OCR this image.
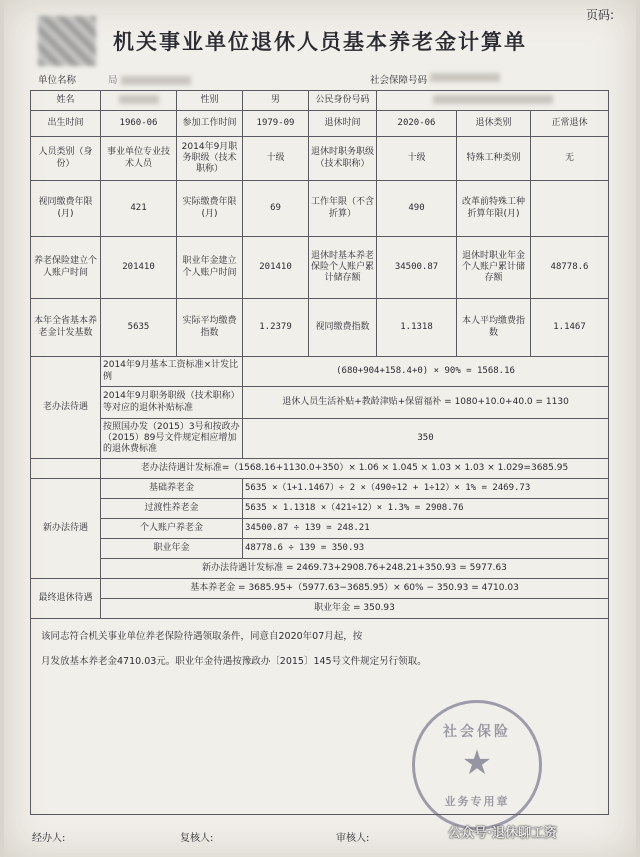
页码:
机关事业单位退休人员基本养老金计算单
单位名称	局	社会保障号码
姓名		性别	男	公民身份号码			
出生时间	1960-06	参加工作时间	1979-09	退休时间	2020-06	退休类别	正常退休
人员类别（身份）	事业单位专业技术人员	2014年9月职务职级（技术职称）	十级	退休时职务职级（技术职称）	十级	特殊工种类别	无
视同缴费年限(月)	421	实际缴费年限(月)	69	工作年限（不含折算）	490	改革前特殊工种折算年限(月)	
养老保险建立个人账户时间	201410	职业年金建立个人账户时间	201410	退休时基本养老保险个人账户累计储存额	34500.87	退休时职业年金个人账户累计储存额	48778.6
本年全省基本养老金计发基数	5635	实际平均缴费指数	1.2379	视同缴费指数	1.1318	本人平均缴费指数	1.1467
老办法待遇	2014年9月基本工资标准×计发比例		(680+904+158.4+0) × 90% = 1568.16				
	2014年9月职务职级（技术职称）等对应的退休补贴标准		退休人员生活补贴+教龄津贴+保留福补 = 1080+10.0+40.0 = 1130				
	按照国办发（2015）3号和按政办（2015）89号文件规定相应增加的退休费标准		350				
	老办法待遇计发标准=（1568.16+1130.0+350）× 1.06 × 1.045 × 1.03 × 1.03 × 1.029=3685.95						
新办法待遇	基础养老金		5635 ×（1+1.1467）÷ 2 ×（490÷12 + 1÷12）× 1% = 2469.73				
	过渡性养老金		5635 × 1.1318 ×（421÷12）× 1.3% = 2908.76				
	个人账户养老金		34500.87 ÷ 139 = 248.21				
	职业年金		48778.6 ÷ 139 = 350.93				
	新办法待遇计发标准 = 2469.73+2908.76+248.21+350.93 = 5977.63						
最终退休待遇	基本养老金 = 3685.95+（5977.63−3685.95）× 60% − 350.93 = 4710.03						
	职业年金 = 350.93						

该同志符合机关事业单位养老保险待遇领取条件，同意自2020年07月起，按
月发放基本养老金4710.03元。职业年金待遇按豫政办〔2015〕145号文件规定另行领取。							
社会保险
★
业务专用章
经办人:	复核人:	审核人:	公众号·退休聊工资
